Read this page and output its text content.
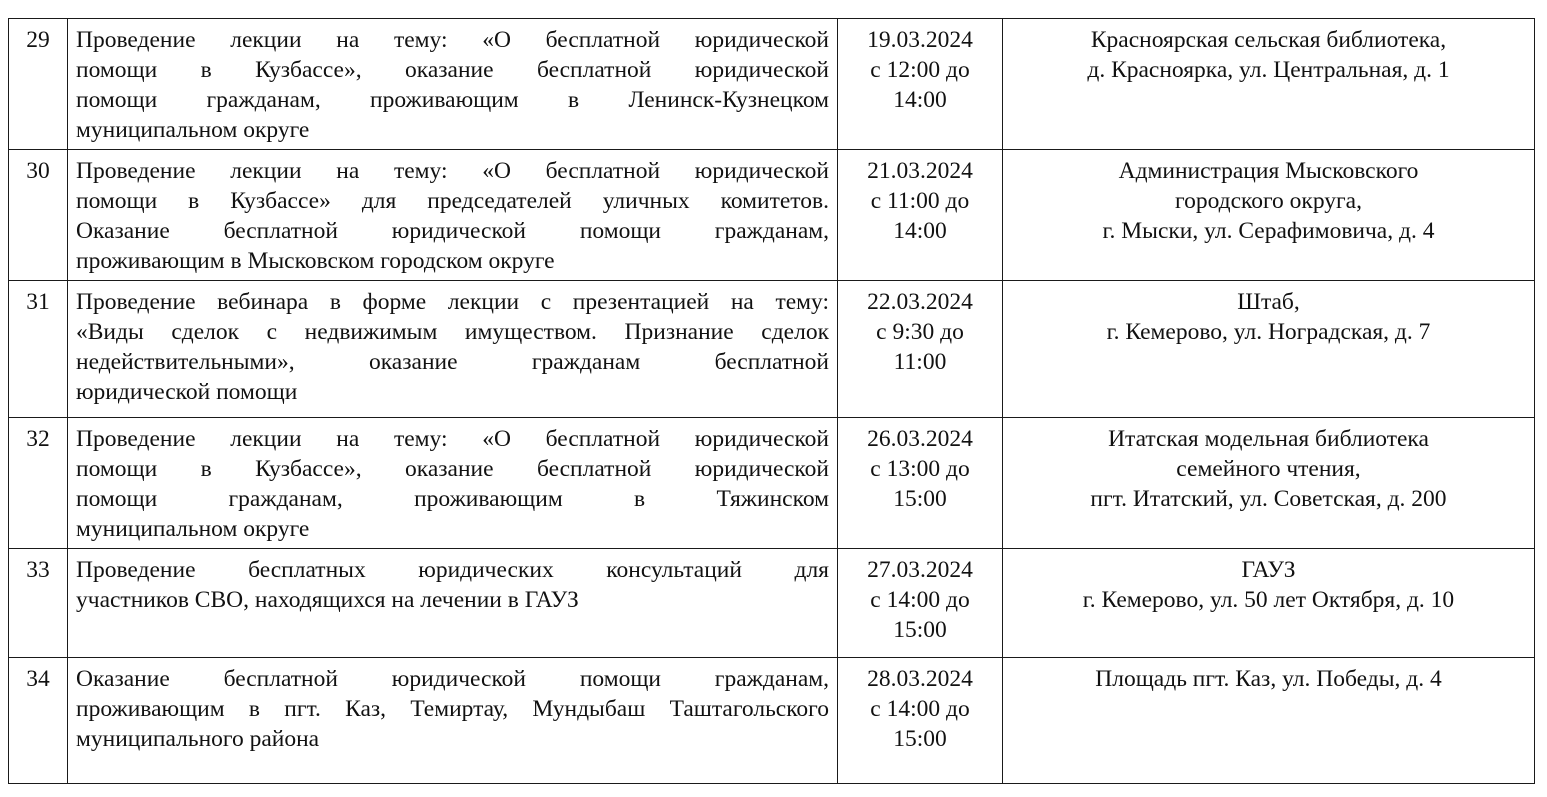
29	Проведение лекции на тему: «О бесплатной юридической
помощи в Кузбассе», оказание бесплатной юридической
помощи гражданам, проживающим в Ленинск-Кузнецком
муниципальном округе	19.03.2024
с 12:00 до
14:00	Красноярская сельская библиотека,
д. Красноярка, ул. Центральная, д. 1

30	Проведение лекции на тему: «О бесплатной юридической
помощи в Кузбассе» для председателей уличных комитетов.
Оказание бесплатной юридической помощи гражданам,
проживающим в Мысковском городском округе	21.03.2024
с 11:00 до
14:00	Администрация Мысковского
городского округа,
г. Мыски, ул. Серафимовича, д. 4

31	Проведение вебинара в форме лекции с презентацией на тему:
«Виды сделок с недвижимым имуществом. Признание сделок
недействительными», оказание гражданам бесплатной
юридической помощи	22.03.2024
с 9:30 до
11:00	Штаб,
г. Кемерово, ул. Ноградская, д. 7

32	Проведение лекции на тему: «О бесплатной юридической
помощи в Кузбассе», оказание бесплатной юридической
помощи гражданам, проживающим в Тяжинском
муниципальном округе	26.03.2024
с 13:00 до
15:00	Итатская модельная библиотека
семейного чтения,
пгт. Итатский, ул. Советская, д. 200

33	Проведение бесплатных юридических консультаций для
участников СВО, находящихся на лечении в ГАУЗ	27.03.2024
с 14:00 до
15:00	ГАУЗ
г. Кемерово, ул. 50 лет Октября, д. 10

34	Оказание бесплатной юридической помощи гражданам,
проживающим в пгт. Каз, Темиртау, Мундыбаш Таштагольского
муниципального района	28.03.2024
с 14:00 до
15:00	Площадь пгт. Каз, ул. Победы, д. 4
